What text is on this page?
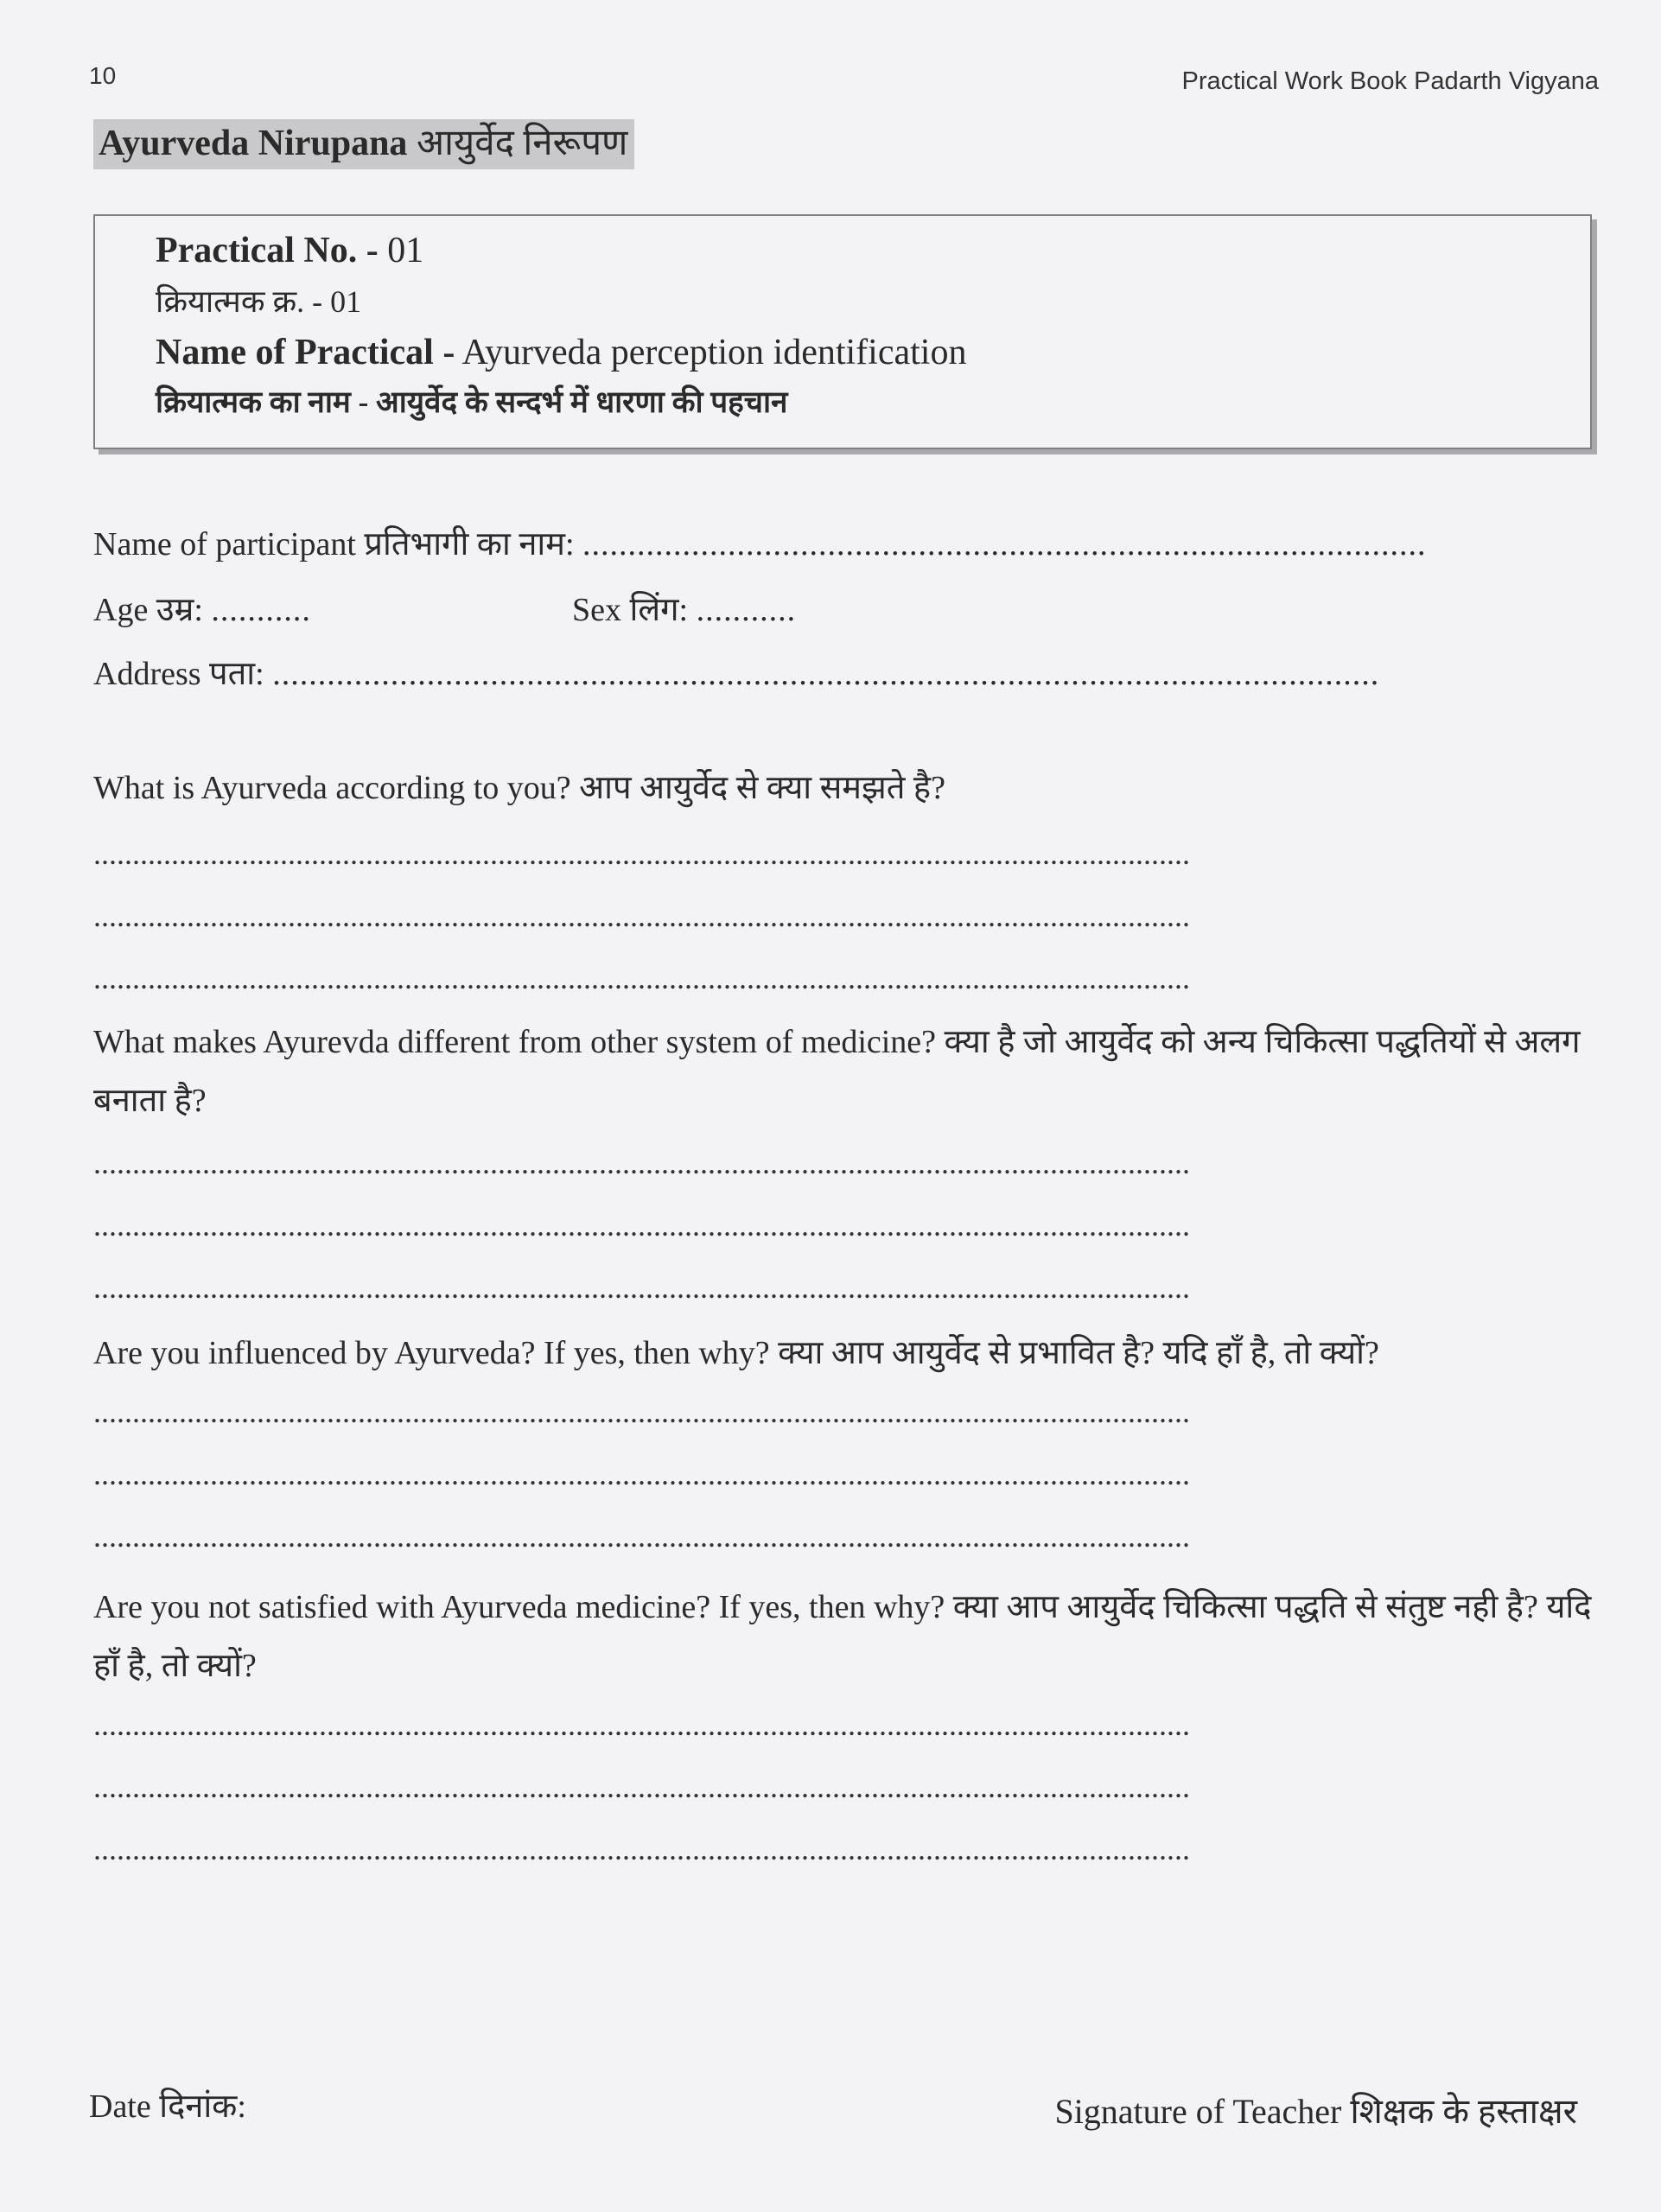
10	Practical Work Book Padarth Vigyana
Ayurveda Nirupana आयुर्वेद निरूपण
Practical No. - 01
क्रियात्मक क्र. - 01
Name of Practical - Ayurveda perception identification
क्रियात्मक का नाम - आयुर्वेद के सन्दर्भ में धारणा की पहचान
Name of participant प्रतिभागी का नाम: .............................................................................................
Age उम्र: ...........	Sex लिंग: ...........
Address पता: ..........................................................................................................................
What is Ayurveda according to you? आप आयुर्वेद से क्या समझते है?
.............................................................................................................................................
.............................................................................................................................................
.............................................................................................................................................
What makes Ayurevda different from other system of medicine? क्या है जो आयुर्वेद को अन्य चिकित्सा पद्धतियों से अलग बनाता है?
.............................................................................................................................................
.............................................................................................................................................
.............................................................................................................................................
Are you influenced by Ayurveda? If yes, then why? क्या आप आयुर्वेद से प्रभावित है? यदि हाँ है, तो क्यों?
.............................................................................................................................................
.............................................................................................................................................
.............................................................................................................................................
Are you not satisfied with Ayurveda medicine? If yes, then why? क्या आप आयुर्वेद चिकित्सा पद्धति से संतुष्ट नही है? यदि हाँ है, तो क्यों?
.............................................................................................................................................
.............................................................................................................................................
.............................................................................................................................................
Date दिनांक:	Signature of Teacher शिक्षक के हस्ताक्षर
